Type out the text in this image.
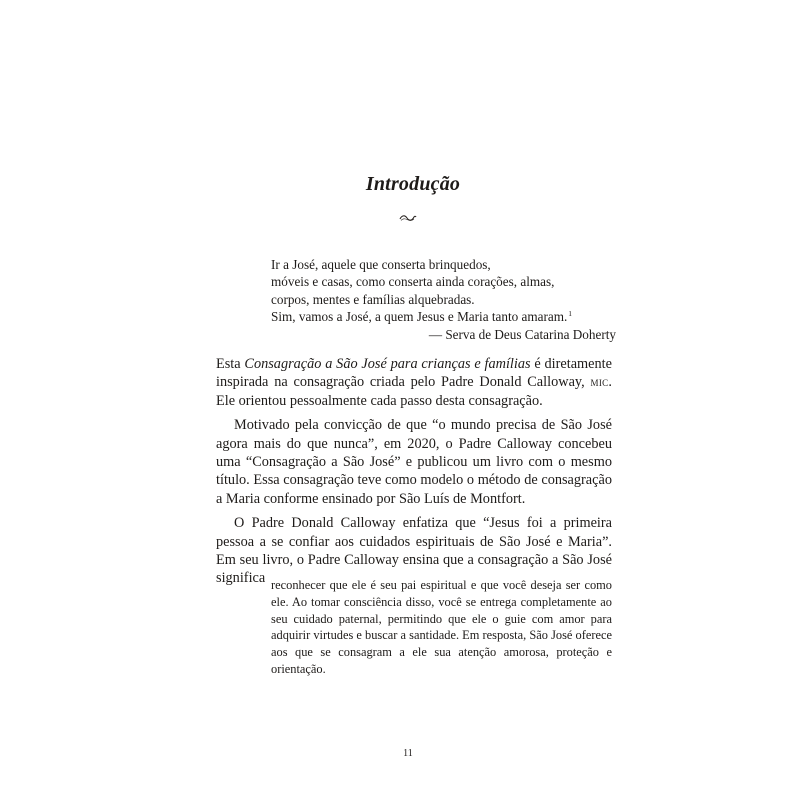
Introdução
Ir a José, aquele que conserta brinquedos,
móveis e casas, como conserta ainda corações, almas,
corpos, mentes e famílias alquebradas.
Sim, vamos a José, a quem Jesus e Maria tanto amaram.$^1$
— Serva de Deus Catarina Doherty

Esta Consagração a São José para crianças e famílias é diretamente inspirada na consagração criada pelo Padre Donald Calloway, mic. Ele orientou pessoalmente cada passo desta consagração.

Motivado pela convicção de que “o mundo precisa de São José agora mais do que nunca”, em 2020, o Padre Calloway concebeu uma “Consagração a São José” e publicou um livro com o mesmo título. Essa consagração teve como modelo o método de consagração a Maria conforme ensinado por São Luís de Montfort.

O Padre Donald Calloway enfatiza que “Jesus foi a primeira pessoa a se confiar aos cuidados espirituais de São José e Maria”. Em seu livro, o Padre Calloway ensina que a consagração a São José significa reconhecer que ele é seu pai espiritual e que você deseja ser como ele. Ao tomar consciência disso, você se entrega completamente ao seu cuidado paternal, permitindo que ele o guie com amor para adquirir virtudes e buscar a santidade. Em resposta, São José oferece aos que se consagram a ele sua atenção amorosa, proteção e orientação.
11
